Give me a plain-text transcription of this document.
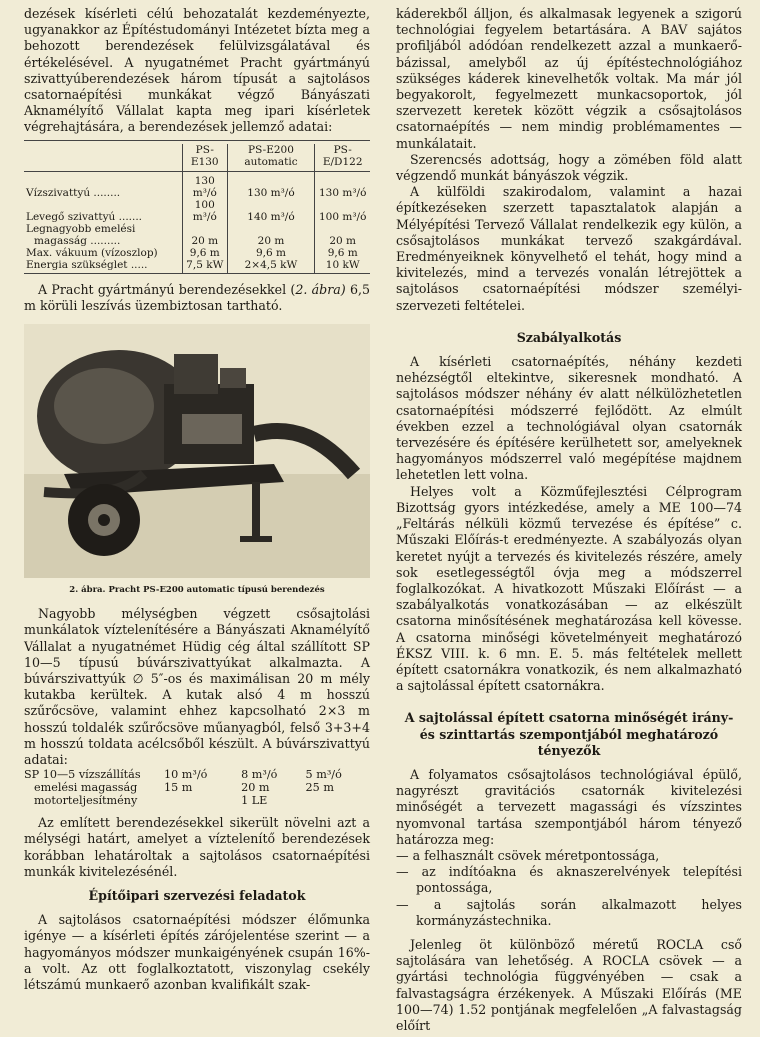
dezések kísérleti célú behozatalát kezdeményezte, ugyanakkor az Építéstudományi Intézetet bízta meg a behozott berendezések felülvizsgálatával és értékelésével. A nyugatnémet Pracht gyártmányú szivattyúberendezések három típusát a sajtolásos csatornaépítési munkákat végző Bányászati Aknamélyítő Vállalat kapta meg ipari kísérletek végrehajtására, a berendezések jellemző adatai:

	PS-E130	PS-E200 automatic	PS-E/D122

Vízszivattyú ........	130 m³/ó	130 m³/ó	130 m³/ó
Levegő szivattyú .......	100 m³/ó	140 m³/ó	100 m³/ó
Legnagyobb emelési			
magasság .........	20 m	20 m	20 m
Max. vákuum (vízoszlop)	9,6 m	9,6 m	9,6 m
Energia szükséglet .....	7,5 kW	2×4,5 kW	10 kW

A Pracht gyártmányú berendezésekkel (2. ábra) 6,5 m körüli leszívás üzembiztosan tartható.

2. ábra. Pracht PS-E200 automatic típusú berendezés

Nagyobb mélységben végzett csősajtolási munkálatok víztelenítésére a Bányászati Aknamélyítő Vállalat a nyugatnémet Hüdig cég által szállított SP 10—5 típusú búvárszivattyúkat alkalmazta. A búvárszivattyúk ∅ 5″-os és maximálisan 20 m mély kutakba kerültek. A kutak alsó 4 m hosszú szűrőcsöve, valamint ehhez kapcsolható 2×3 m hosszú toldalék szűrőcsöve műanyagból, felső 3+3+4 m hosszú toldata acélcsőből készült. A búvárszivattyú adatai:

SP 10—5 vízszállítás	10 m³/ó	8 m³/ó	5 m³/ó
emelési magasság	15 m	20 m	25 m
motorteljesítmény		1 LE	

Az említett berendezésekkel sikerült növelni azt a mélységi határt, amelyet a víztelenítő berendezések korábban lehatároltak a sajtolásos csatornaépítési munkák kivitelezésénél.

Építőipari szervezési feladatok

A sajtolásos csatornaépítési módszer élőmunka igénye — a kísérleti építés zárójelentése szerint — a hagyományos módszer munkaigényének csupán 16%-a volt. Az ott foglalkoztatott, viszonylag csekély létszámú munkaerő azonban kvalifikált szak-

káderekből álljon, és alkalmasak legyenek a szigorú technológiai fegyelem betartására. A BAV sajátos profiljából adódóan rendelkezett azzal a munkaerő-bázissal, amelyből az új építéstechnológiához szükséges káderek kinevelhetők voltak. Ma már jól begyakorolt, fegyelmezett munkacsoportok, jól szervezett keretek között végzik a csősajtolásos csatornaépítés — nem mindig problémamentes —munkálatait.

Szerencsés adottság, hogy a zömében föld alatt végzendő munkát bányászok végzik.

A külföldi szakirodalom, valamint a hazai építkezéseken szerzett tapasztalatok alapján a Mélyépítési Tervező Vállalat rendelkezik egy külön, a csősajtolásos munkákat tervező szakgárdával. Eredményeiknek könyvelhető el tehát, hogy mind a kivitelezés, mind a tervezés vonalán létrejöttek a sajtolásos csatornaépítési módszer személyi-szervezeti feltételei.

Szabályalkotás

A kísérleti csatornaépítés, néhány kezdeti nehézségtől eltekintve, sikeresnek mondható. A sajtolásos módszer néhány év alatt nélkülözhetetlen csatornaépítési módszerré fejlődött. Az elmúlt években ezzel a technológiával olyan csatornák tervezésére és építésére kerülhetett sor, amelyeknek hagyományos módszerrel való megépítése majdnem lehetetlen lett volna.

Helyes volt a Közműfejlesztési Célprogram Bizottság gyors intézkedése, amely a ME 100—74 „Feltárás nélküli közmű tervezése és építése” c. Műszaki Előírás-t eredményezte. A szabályozás olyan keretet nyújt a tervezés és kivitelezés részére, amely sok esetlegességtől óvja meg a módszerrel foglalkozókat. A hivatkozott Műszaki Előírást — a szabályalkotás vonatkozásában — az elkészült csatorna minősítésének meghatározása kell kövesse. A csatorna minőségi követelményeit meghatározó ÉKSZ VIII. k. 6 mn. E. 5. más feltételek mellett épített csatornákra vonatkozik, és nem alkalmazható a sajtolással épített csatornákra.

A sajtolással épített csatorna minőségét irány- és szinttartás szempontjából meghatározó tényezők

A folyamatos csősajtolásos technológiával épülő, nagyrészt gravitációs csatornák kivitelezési minőségét a tervezett magassági és vízszintes nyomvonal tartása szempontjából három tényező határozza meg:

— a felhasznált csövek méretpontossága,
— az indítóakna és aknaszerelvények telepítési pontossága,
— a sajtolás során alkalmazott helyes kormányzástechnika.

Jelenleg öt különböző méretű ROCLA cső sajtolására van lehetőség. A ROCLA csövek — a gyártási technológia függvényében — csak a falvastagságra érzékenyek. A Műszaki Előírás (ME 100—74) 1.52 pontjának megfelelően „A falvastagság előírt
